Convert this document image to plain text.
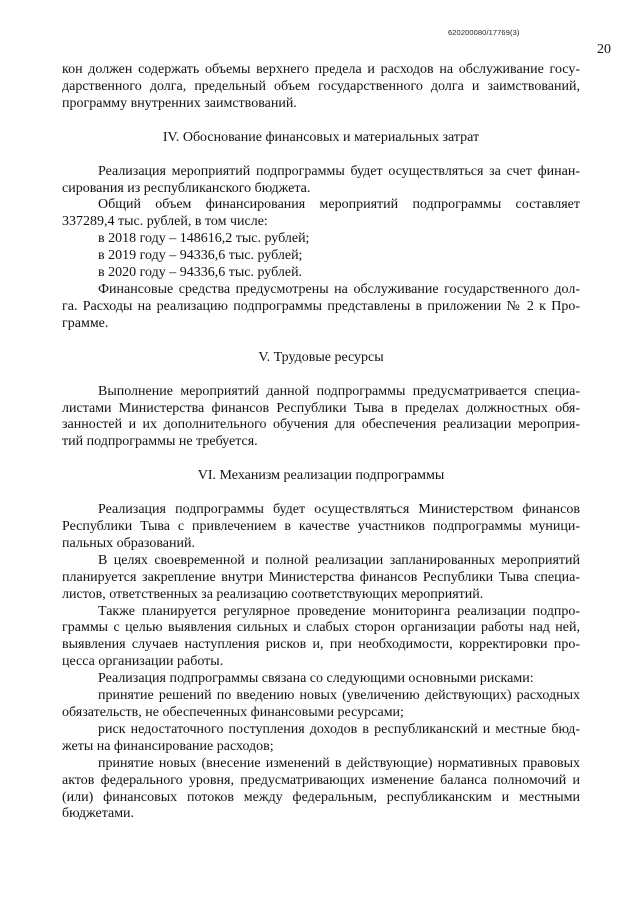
620200080/17769(3)
20

кон должен содержать объемы верхнего предела и расходов на обслуживание госу-
дарственного долга, предельный объем государственного долга и заимствований,
программу внутренних заимствований.

IV. Обоснование финансовых и материальных затрат

Реализация мероприятий подпрограммы будет осуществляться за счет финан-
сирования из республиканского бюджета.

Общий объем финансирования мероприятий подпрограммы составляет
337289,4 тыс. рублей, в том числе:

в 2018 году – 148616,2 тыс. рублей;
в 2019 году – 94336,6 тыс. рублей;
в 2020 году – 94336,6 тыс. рублей.

Финансовые средства предусмотрены на обслуживание государственного дол-
га. Расходы на реализацию подпрограммы представлены в приложении № 2 к Про-
грамме.

V. Трудовые ресурсы

Выполнение мероприятий данной подпрограммы предусматривается специа-
листами Министерства финансов Республики Тыва в пределах должностных обя-
занностей и их дополнительного обучения для обеспечения реализации мероприя-
тий подпрограммы не требуется.

VI. Механизм реализации подпрограммы

Реализация подпрограммы будет осуществляться Министерством финансов
Республики Тыва с привлечением в качестве участников подпрограммы муници-
пальных образований.

В целях своевременной и полной реализации запланированных мероприятий
планируется закрепление внутри Министерства финансов Республики Тыва специа-
листов, ответственных за реализацию соответствующих мероприятий.

Также планируется регулярное проведение мониторинга реализации подпро-
граммы с целью выявления сильных и слабых сторон организации работы над ней,
выявления случаев наступления рисков и, при необходимости, корректировки про-
цесса организации работы.

Реализация подпрограммы связана со следующими основными рисками:

принятие решений по введению новых (увеличению действующих) расходных
обязательств, не обеспеченных финансовыми ресурсами;

риск недостаточного поступления доходов в республиканский и местные бюд-
жеты на финансирование расходов;

принятие новых (внесение изменений в действующие) нормативных правовых
актов федерального уровня, предусматривающих изменение баланса полномочий и
(или) финансовых потоков между федеральным, республиканским и местными
бюджетами.
